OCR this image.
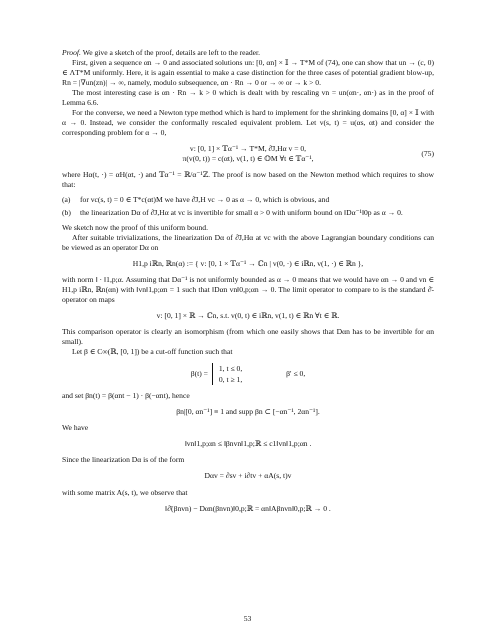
Proof. We give a sketch of the proof, details are left to the reader.

First, given a sequence αn → 0 and associated solutions un: [0, αn] × 𝕀 → T*M of (74), one can show that un → (c, 0) ∈ ΛT*M uniformly. Here, it is again essential to make a case distinction for the three cases of potential gradient blow-up, Rn = |∇un(zn)| → ∞, namely, modulo subsequence, αn · Rn → 0 or → ∞ or → k > 0.

The most interesting case is αn · Rn → k > 0 which is dealt with by rescaling vn = un(αn·, αn·) as in the proof of Lemma 6.6.

For the converse, we need a Newton type method which is hard to implement for the shrinking domains [0, α] × 𝕀 with α → 0. Instead, we consider the conformally rescaled equivalent problem. Let v(s, t) = u(αs, αt) and consider the corresponding problem for α → 0,

v: [0, 1] × 𝕋α⁻¹ → T*M, ∂̄J,Hα v = 0,
π(v(0, t)) = c(αt), v(1, t) ∈ 𝕆M ∀t ∈ 𝕋α⁻¹,
(75)

where Hα(t, ·) = αH(αt, ·) and 𝕋α⁻¹ = ℝ/α⁻¹ℤ. The proof is now based on the Newton method which requires to show that:

(a)	for vc(s, t) = 0 ∈ T*c(αt)M we have ∂̄J,H vc → 0 as α → 0, which is obvious, and
(b)	the linearization Dα of ∂̄J,Hα at vc is invertible for small α > 0 with uniform bound on ‖Dα⁻¹‖0p as α → 0.

We sketch now the proof of this uniform bound.

After suitable trivializations, the linearization Dα of ∂̄J,Hα at vc with the above Lagrangian boundary conditions can be viewed as an operator Dα on

H1,p iℝn, ℝn(α) := { v: [0, 1 × 𝕋α⁻¹ → ℂn | v(0, ·) ∈ iℝn, v(1, ·) ∈ ℝn },

with norm ‖ · ‖1,p;α. Assuming that Dα⁻¹ is not uniformly bounded as α → 0 means that we would have αn → 0 and vn ∈ H1,p iℝn, ℝn(αn) with ‖vn‖1,p;αn = 1 such that ‖Dαn vn‖0,p;αn → 0. The limit operator to compare to is the standard ∂̄-operator on maps

v: [0, 1] × ℝ → ℂn, s.t. v(0, t) ∈ iℝn, v(1, t) ∈ ℝn ∀t ∈ ℝ.

This comparison operator is clearly an isomorphism (from which one easily shows that Dαn has to be invertible for αn small).

Let β ∈ C∞(ℝ, [0, 1]) be a cut-off function such that

β(t) = 1, t ≤ 0,
0, t ≥ 1,  β′ ≤ 0,

and set βn(t) = β(αnt − 1) · β(−αnt), hence

βn|[0, αn⁻¹] ≡ 1 and supp βn ⊂ [−αn⁻¹, 2αn⁻¹].

We have

‖vn‖1,p;αn ≤ ‖βnvn‖1,p;ℝ ≤ c1‖vn‖1,p;αn .

Since the linearization Dα is of the form

Dαv = ∂sv + i∂tv + αA(s, t)v

with some matrix A(s, t), we observe that

‖∂̄(βnvn) − Dαn(βnvn)‖0,p;ℝ = αn‖Aβnvn‖0,p;ℝ → 0 .
53
